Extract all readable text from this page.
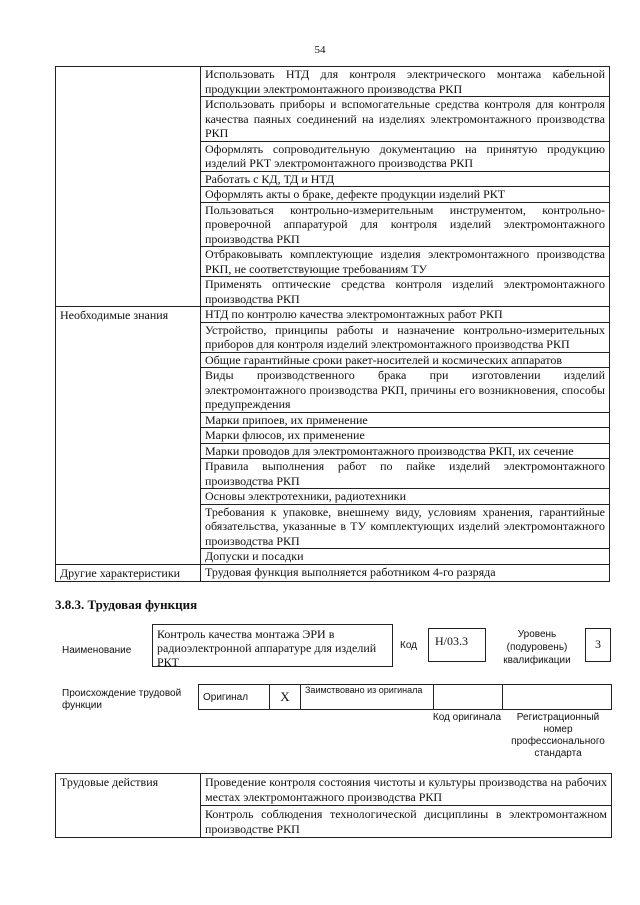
54
	Использовать НТД для контроля электрического монтажа кабельной продукции электромонтажного производства РКП
	Использовать приборы и вспомогательные средства контроля для контроля качества паяных соединений на изделиях электромонтажного производства РКП
	Оформлять сопроводительную документацию на принятую продукцию изделий РКТ электромонтажного производства РКП
	Работать с КД, ТД и НТД
	Оформлять акты о браке, дефекте продукции изделий РКТ
	Пользоваться контрольно-измерительным инструментом, контрольно-проверочной аппаратурой для контроля изделий электромонтажного производства РКП
	Отбраковывать комплектующие изделия электромонтажного производства РКП, не соответствующие требованиям ТУ
	Применять оптические средства контроля изделий электромонтажного производства РКП
Необходимые знания	НТД по контролю качества электромонтажных работ РКП
	Устройство, принципы работы и назначение контрольно-измерительных приборов для контроля изделий электромонтажного производства РКП
	Общие гарантийные сроки ракет-носителей и космических аппаратов
	Виды производственного брака при изготовлении изделий электромонтажного производства РКП, причины его возникновения, способы предупреждения
	Марки припоев, их применение
	Марки флюсов, их применение
	Марки проводов для электромонтажного производства РКП, их сечение
	Правила выполнения работ по пайке изделий электромонтажного производства РКП
	Основы электротехники, радиотехники
	Требования к упаковке, внешнему виду, условиям хранения, гарантийные обязательства, указанные в ТУ комплектующих изделий электромонтажного производства РКП
	Допуски и посадки
Другие характеристики	Трудовая функция выполняется работником 4-го разряда
3.8.3. Трудовая функция
Наименование
Контроль качества монтажа ЭРИ в радиоэлектронной аппаратуре для изделий РКТ
Код	H/03.3	Уровень (подуровень) квалификации
3
Происхождение трудовой функции
Оригинал	X	Заимствовано из оригинала		
Код оригинала	Регистрационный номер профессионального стандарта
Трудовые действия	Проведение контроля состояния чистоты и культуры производства на рабочих местах электромонтажного производства РКП
Контроль соблюдения технологической дисциплины в электромонтажном производстве РКП
